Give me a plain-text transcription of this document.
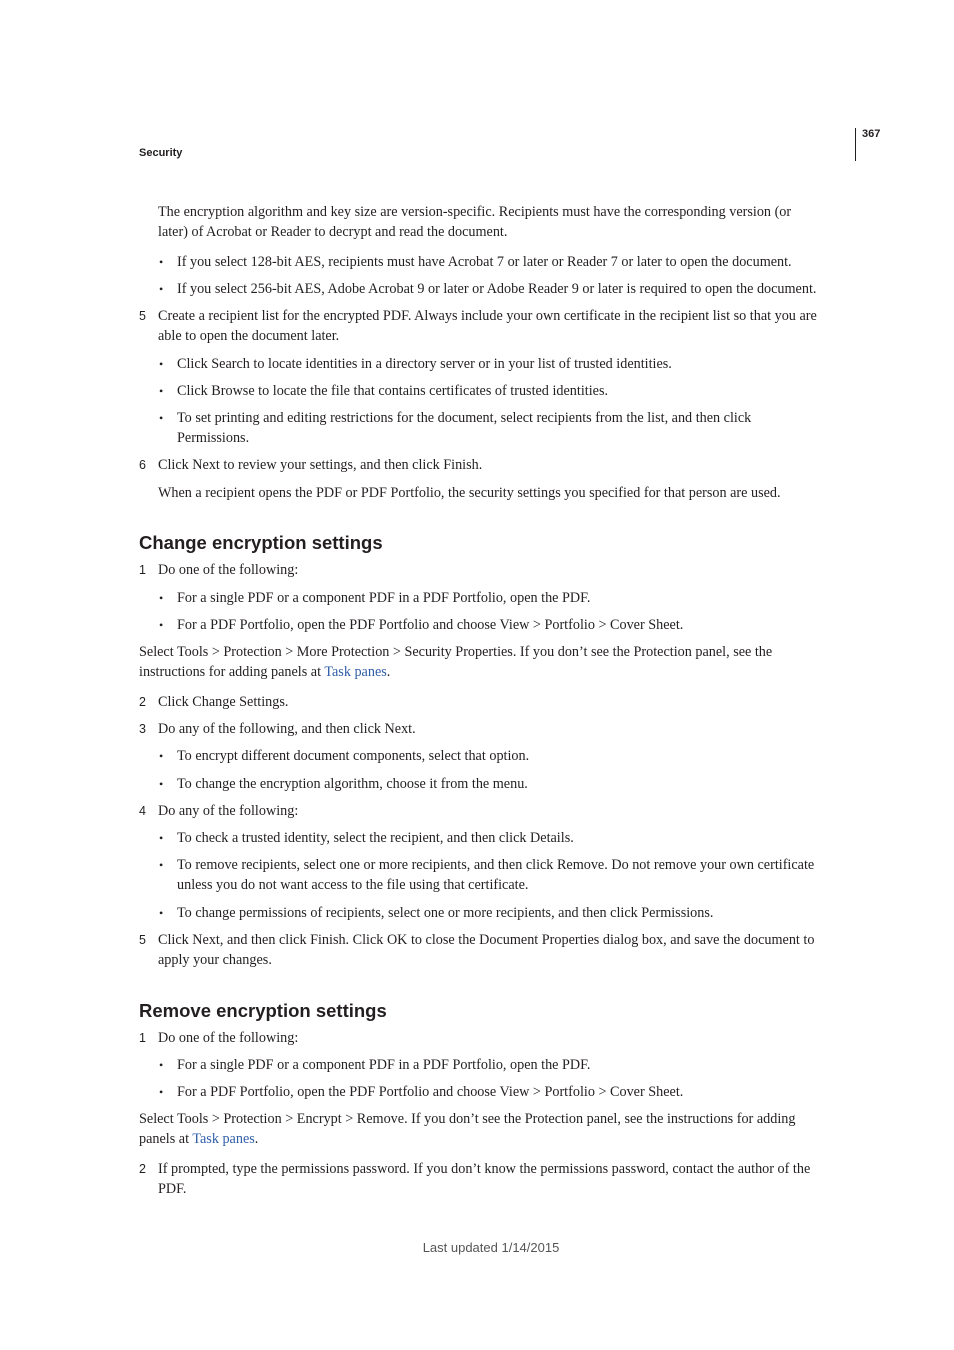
367
Security
The encryption algorithm and key size are version-specific. Recipients must have the corresponding version (or
later) of Acrobat or Reader to decrypt and read the document.
• If you select 128-bit AES, recipients must have Acrobat 7 or later or Reader 7 or later to open the document.
• If you select 256-bit AES, Adobe Acrobat 9 or later or Adobe Reader 9 or later is required to open the document.
5 Create a recipient list for the encrypted PDF. Always include your own certificate in the recipient list so that you are
able to open the document later.
• Click Search to locate identities in a directory server or in your list of trusted identities.
• Click Browse to locate the file that contains certificates of trusted identities.
• To set printing and editing restrictions for the document, select recipients from the list, and then click
Permissions.
6 Click Next to review your settings, and then click Finish.
When a recipient opens the PDF or PDF Portfolio, the security settings you specified for that person are used.
Change encryption settings
1 Do one of the following:
• For a single PDF or a component PDF in a PDF Portfolio, open the PDF.
• For a PDF Portfolio, open the PDF Portfolio and choose View > Portfolio > Cover Sheet.
Select Tools > Protection > More Protection > Security Properties. If you don’t see the Protection panel, see the
instructions for adding panels at Task panes.
2 Click Change Settings.
3 Do any of the following, and then click Next.
• To encrypt different document components, select that option.
• To change the encryption algorithm, choose it from the menu.
4 Do any of the following:
• To check a trusted identity, select the recipient, and then click Details.
• To remove recipients, select one or more recipients, and then click Remove. Do not remove your own certificate
unless you do not want access to the file using that certificate.
• To change permissions of recipients, select one or more recipients, and then click Permissions.
5 Click Next, and then click Finish. Click OK to close the Document Properties dialog box, and save the document to
apply your changes.
Remove encryption settings
1 Do one of the following:
• For a single PDF or a component PDF in a PDF Portfolio, open the PDF.
• For a PDF Portfolio, open the PDF Portfolio and choose View > Portfolio > Cover Sheet.
Select Tools > Protection > Encrypt > Remove. If you don’t see the Protection panel, see the instructions for adding
panels at Task panes.
2 If prompted, type the permissions password. If you don’t know the permissions password, contact the author of the
PDF.
Last updated 1/14/2015
